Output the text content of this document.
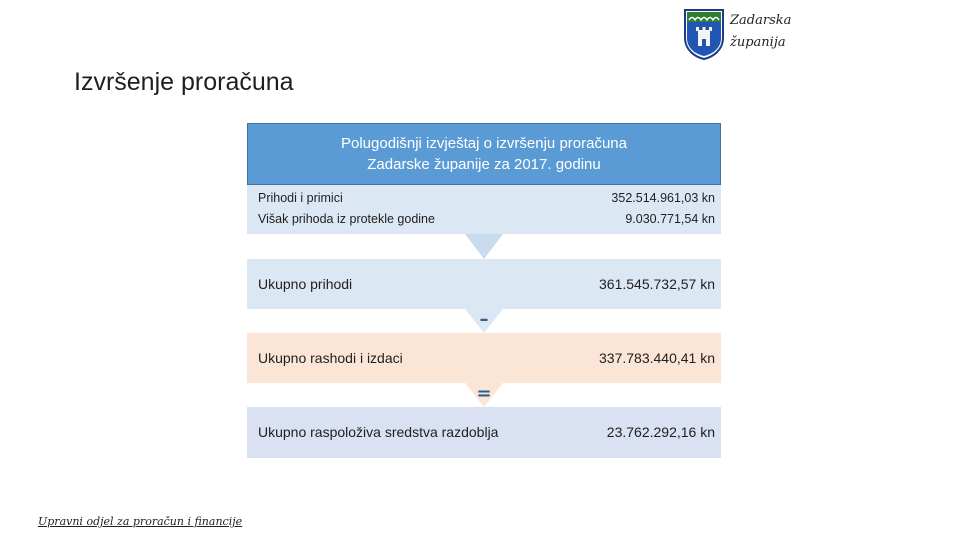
Zadarska
županija
Izvršenje proračuna
Polugodišnji izvještaj o izvršenju proračuna
Zadarske županije za 2017. godinu
Prihodi i primici	352.514.961,03 kn
Višak prihoda iz protekle godine	9.030.771,54 kn
Ukupno prihodi	361.545.732,57 kn
–
Ukupno rashodi i izdaci	337.783.440,41 kn
=
Ukupno raspoloživa sredstva razdoblja	23.762.292,16 kn
Upravni odjel za proračun i financije
